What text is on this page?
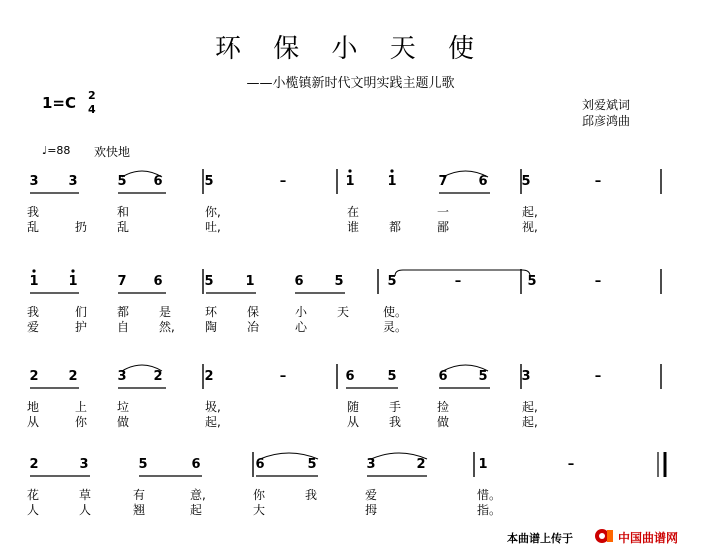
环 保 小 天 使
——小榄镇新时代文明实践主题儿歌
1=C 2
4	刘爱斌词
邱彦鸿曲
♩=88 欢快地
3 3	5 6	5	–	1	1	7 6	5	–
我	和	你,	在	一	起,
乱	扔	乱	吐,	谁	都	鄙	视,
1 1	7 6	5 1	6 5	5	–	5	–
我	们	都	是	环	保	小	天	使。
爱	护	自	然,	陶	冶	心	灵。
2 2	3 2	2	–	6	5	6 5	3	–
地	上	垃	圾,	随	手	捡	起,
从	你	做	起,	从	我	做	起,
2	3	5	6	6	5	3	2	1	–
花	草	有	意,	你	我	爱	惜。
人	人	翘	起	大	拇	指。
本曲谱上传于	中国曲谱网
